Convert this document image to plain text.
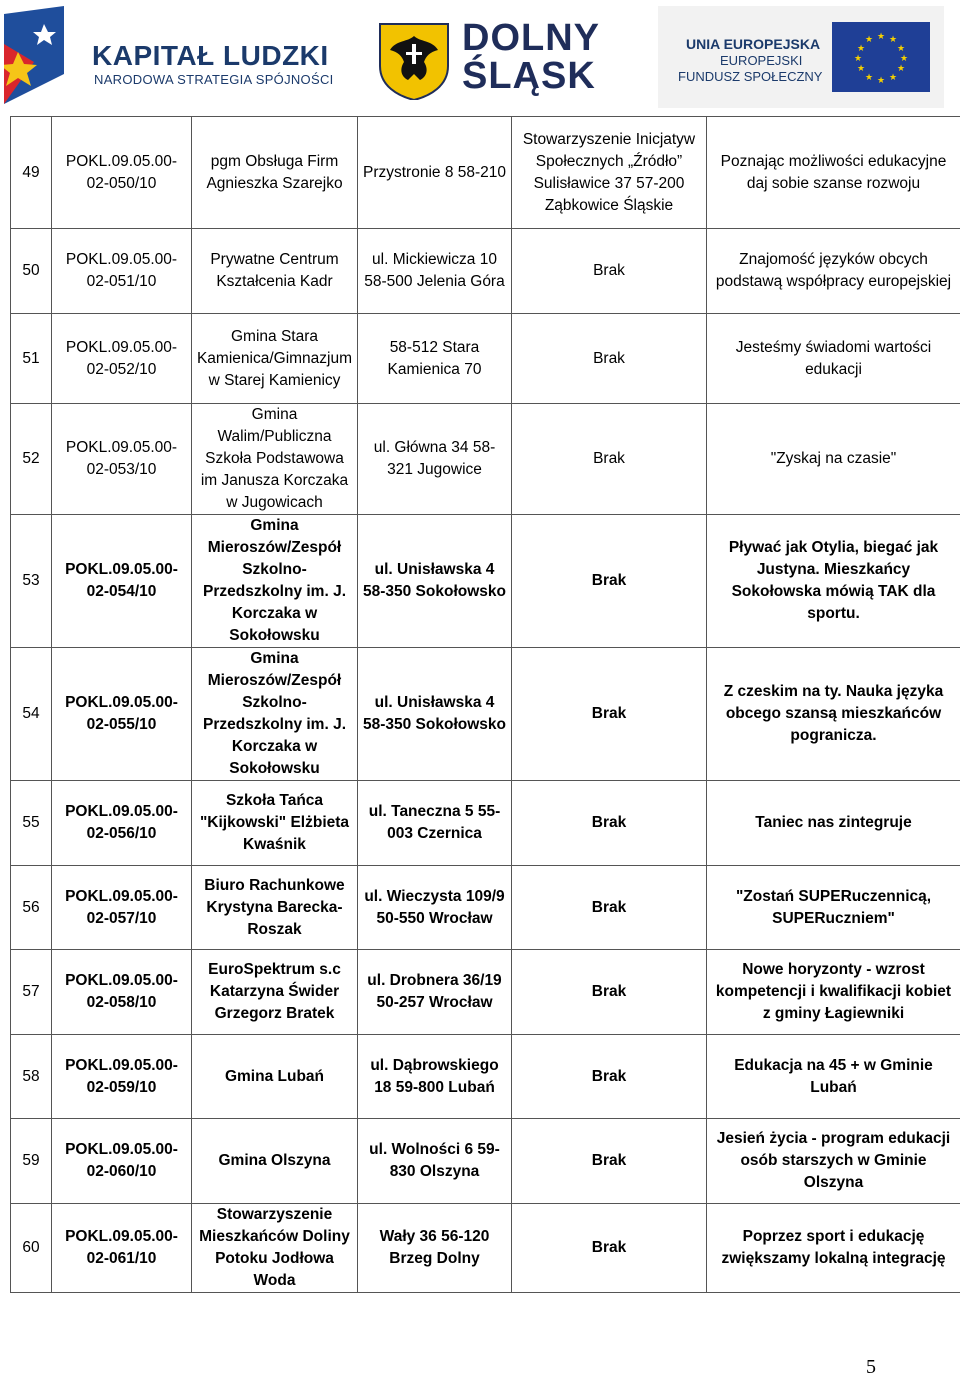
KAPITAŁ LUDZKI
NARODOWA STRATEGIA SPÓJNOŚCI
DOLNY
ŚLĄSK
UNIA EUROPEJSKA
EUROPEJSKI
FUNDUSZ SPOŁECZNY
★ ★
★
★
★
★
★
★
★
★
★
★
49	POKL.09.05.00-02-050/10	pgm Obsługa Firm Agnieszka Szarejko	Przystronie 8 58-210	Stowarzyszenie Inicjatyw Społecznych „Źródło” Sulisławice 37 57-200 Ząbkowice Śląskie	Poznając możliwości edukacyjne daj sobie szanse rozwoju
50	POKL.09.05.00-02-051/10	Prywatne Centrum Kształcenia Kadr	ul. Mickiewicza 10 58-500 Jelenia Góra	Brak	Znajomość języków obcych podstawą współpracy europejskiej
51	POKL.09.05.00-02-052/10	Gmina Stara Kamienica/Gimnazjum w Starej Kamienicy	58-512 Stara Kamienica 70	Brak	Jesteśmy świadomi wartości edukacji
52	POKL.09.05.00-02-053/10	Gmina Walim/Publiczna Szkoła Podstawowa im Janusza Korczaka w Jugowicach	ul. Główna 34 58-321 Jugowice	Brak	"Zyskaj na czasie"
53	POKL.09.05.00-02-054/10	Gmina Mieroszów/Zespół Szkolno-Przedszkolny im. J. Korczaka w Sokołowsku	ul. Unisławska 4 58-350 Sokołowsko	Brak	Pływać jak Otylia, biegać jak Justyna. Mieszkańcy Sokołowska mówią TAK dla sportu.
54	POKL.09.05.00-02-055/10	Gmina Mieroszów/Zespół Szkolno-Przedszkolny im. J. Korczaka w Sokołowsku	ul. Unisławska 4 58-350 Sokołowsko	Brak	Z czeskim na ty. Nauka języka obcego szansą mieszkańców pogranicza.
55	POKL.09.05.00-02-056/10	Szkoła Tańca "Kijkowski" Elżbieta Kwaśnik	ul. Taneczna 5 55-003 Czernica	Brak	Taniec nas zintegruje
56	POKL.09.05.00-02-057/10	Biuro Rachunkowe Krystyna Barecka-Roszak	ul. Wieczysta 109/9 50-550 Wrocław	Brak	"Zostań SUPERuczennicą, SUPERuczniem"
57	POKL.09.05.00-02-058/10	EuroSpektrum s.c Katarzyna Świder Grzegorz Bratek	ul. Drobnera 36/19 50-257 Wrocław	Brak	Nowe horyzonty - wzrost kompetencji i kwalifikacji kobiet z gminy Łagiewniki
58	POKL.09.05.00-02-059/10	Gmina Lubań	ul. Dąbrowskiego 18 59-800 Lubań	Brak	Edukacja na 45 + w Gminie Lubań
59	POKL.09.05.00-02-060/10	Gmina Olszyna	ul. Wolności 6 59-830 Olszyna	Brak	Jesień życia - program edukacji osób starszych w Gminie Olszyna
60	POKL.09.05.00-02-061/10	Stowarzyszenie Mieszkańców Doliny Potoku Jodłowa Woda	Wały 36 56-120 Brzeg Dolny	Brak	Poprzez sport i edukację zwiększamy lokalną integrację
5
